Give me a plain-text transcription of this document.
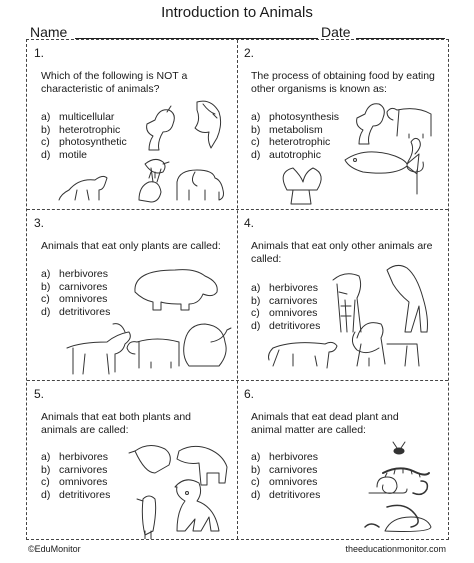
Introduction to Animals
Name	Date
1.
Which of the following is NOT a characteristic of animals?
a) multicellular
b) heterotrophic
c) photosynthetic
d) motile
2.
The process of obtaining food by eating other organisms is known as:
a) photosynthesis
b) metabolism
c) heterotrophic
d) autotrophic
3.
Animals that eat only plants are called:
a) herbivores
b) carnivores
c) omnivores
d) detritivores
4.
Animals that eat only other animals are called:
a) herbivores
b) carnivores
c) omnivores
d) detritivores
5.
Animals that eat both plants and animals are called:
a) herbivores
b) carnivores
c) omnivores
d) detritivores
6.
Animals that eat dead plant and animal matter are called:
a) herbivores
b) carnivores
c) omnivores
d) detritivores
©EduMonitor	theeducationmonitor.com
